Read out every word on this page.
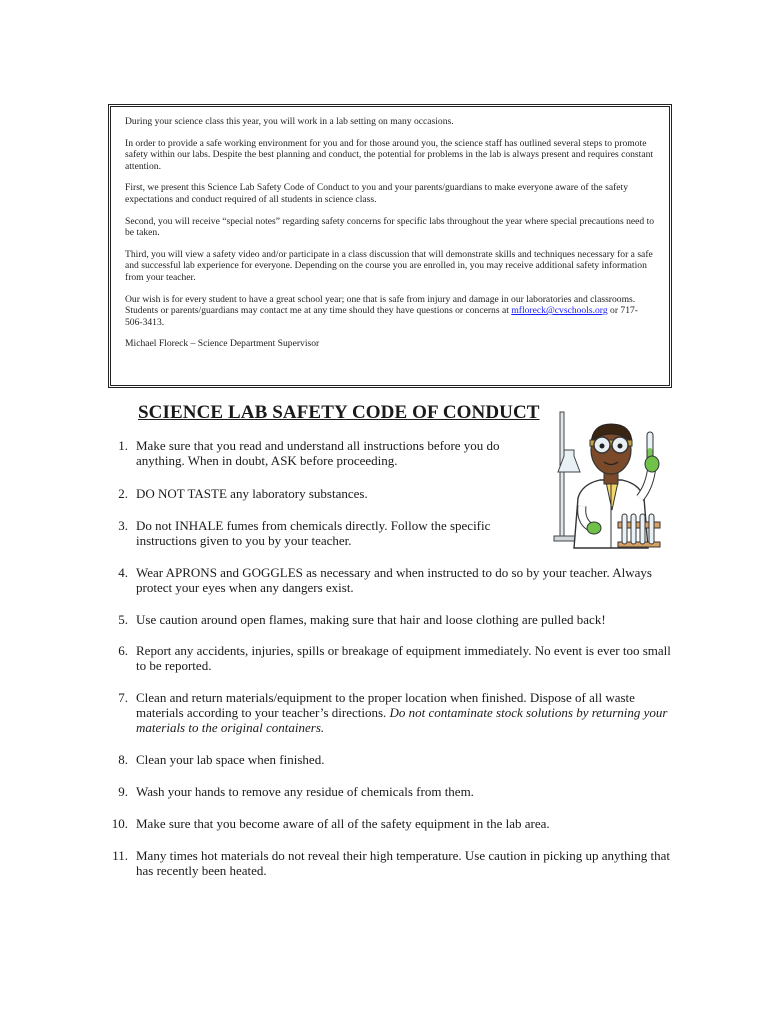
During your science class this year, you will work in a lab setting on many occasions.

In order to provide a safe working environment for you and for those around you, the science staff has outlined several steps to promote safety within our labs. Despite the best planning and conduct, the potential for problems in the lab is always present and requires constant attention.

First, we present this Science Lab Safety Code of Conduct to you and your parents/guardians to make everyone aware of the safety expectations and conduct required of all students in science class.

Second, you will receive “special notes” regarding safety concerns for specific labs throughout the year where special precautions need to be taken.

Third, you will view a safety video and/or participate in a class discussion that will demonstrate skills and techniques necessary for a safe and successful lab experience for everyone. Depending on the course you are enrolled in, you may receive additional safety information from your teacher.

Our wish is for every student to have a great school year; one that is safe from injury and damage in our laboratories and classrooms.

Students or parents/guardians may contact me at any time should they have questions or concerns at mfloreck@cvschools.org or 717-506-3413.

Michael Floreck – Science Department Supervisor

SCIENCE LAB SAFETY CODE OF CONDUCT
1 . Make sure that you read and understand all instructions before you do anything. When in doubt, ASK before proceeding.
2 . DO NOT TASTE any laboratory substances.
3 . Do not INHALE fumes from chemicals directly. Follow the specific instructions given to you by your teacher.
4 . Wear APRONS and GOGGLES as necessary and when instructed to do so by your teacher. Always protect your eyes when any dangers exist.
5 . Use caution around open flames, making sure that hair and loose clothing are pulled back!
6 . Report any accidents, injuries, spills or breakage of equipment immediately. No event is ever too small to be reported.
7 . Clean and return materials/equipment to the proper location when finished. Dispose of all waste materials according to your teacher’s directions. Do not contaminate stock solutions by returning your materials to the original containers.
8 . Clean your lab space when finished.
9 . Wash your hands to remove any residue of chemicals from them.
10 . Make sure that you become aware of all of the safety equipment in the lab area.
11 . Many times hot materials do not reveal their high temperature. Use caution in picking up anything that has recently been heated.
